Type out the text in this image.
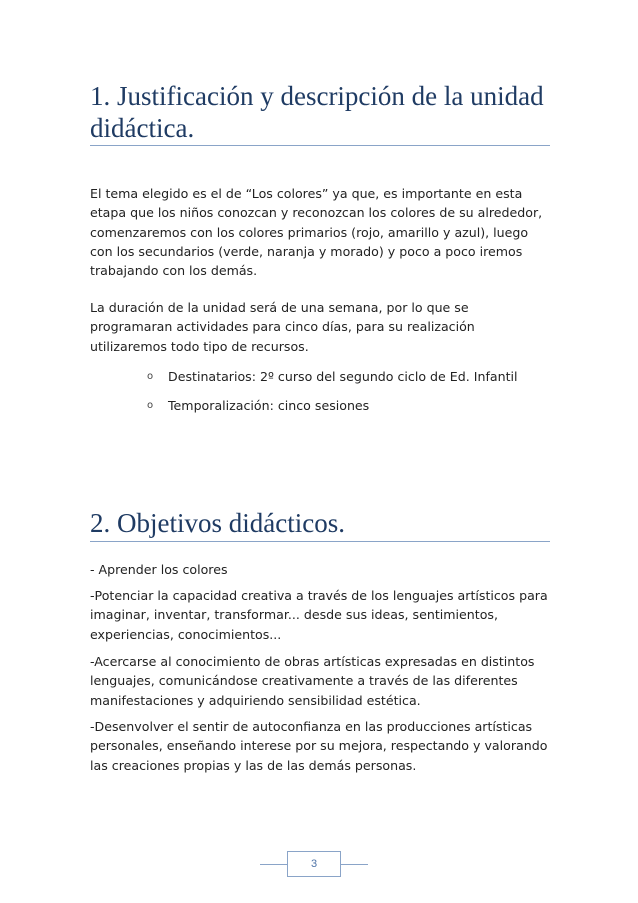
1. Justificación y descripción de la unidad didáctica.

El tema elegido es el de “Los colores” ya que, es importante en esta etapa que los niños conozcan y reconozcan los colores de su alrededor, comenzaremos con los colores primarios (rojo, amarillo y azul), luego con los secundarios (verde, naranja y morado) y poco a poco iremos trabajando con los demás.

La duración de la unidad será de una semana, por lo que se programaran actividades para cinco días, para su realización utilizaremos todo tipo de recursos.

o Destinatarios: 2º curso del segundo ciclo de Ed. Infantil
o Temporalización: cinco sesiones
2. Objetivos didácticos.

- Aprender los colores

-Potenciar la capacidad creativa a través de los lenguajes artísticos para imaginar, inventar, transformar... desde sus ideas, sentimientos, experiencias, conocimientos...

-Acercarse al conocimiento de obras artísticas expresadas en distintos lenguajes, comunicándose creativamente a través de las diferentes manifestaciones y adquiriendo sensibilidad estética.

-Desenvolver el sentir de autoconfianza en las producciones artísticas personales, enseñando interese por su mejora, respectando y valorando las creaciones propias y las de las demás personas.

3
